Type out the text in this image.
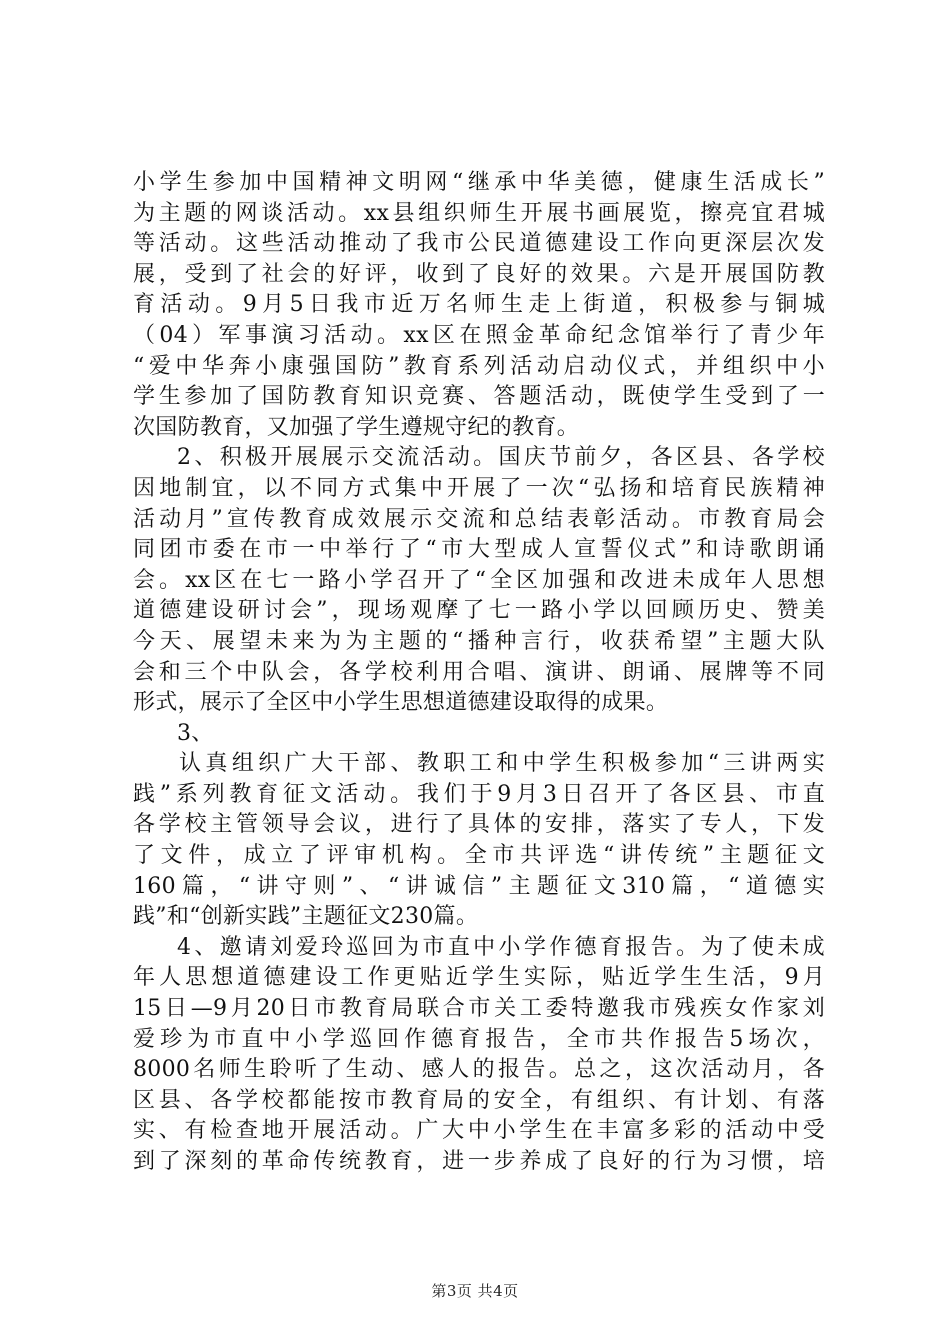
小学生参加中国精神文明网“继承中华美德，健康生活成长”
为主题的网谈活动。xx县组织师生开展书画展览，擦亮宜君城
等活动。这些活动推动了我市公民道德建设工作向更深层次发
展，受到了社会的好评，收到了良好的效果。六是开展国防教
育活动。9月5日我市近万名师生走上街道，积极参与铜城
（04）军事演习活动。xx区在照金革命纪念馆举行了青少年
“爱中华奔小康强国防”教育系列活动启动仪式，并组织中小
学生参加了国防教育知识竞赛、答题活动，既使学生受到了一
次国防教育，又加强了学生遵规守纪的教育。
2、积极开展展示交流活动。国庆节前夕，各区县、各学校
因地制宜，以不同方式集中开展了一次“弘扬和培育民族精神
活动月”宣传教育成效展示交流和总结表彰活动。市教育局会
同团市委在市一中举行了“市大型成人宣誓仪式”和诗歌朗诵
会。xx区在七一路小学召开了“全区加强和改进未成年人思想
道德建设研讨会”，现场观摩了七一路小学以回顾历史、赞美
今天、展望未来为为主题的“播种言行，收获希望”主题大队
会和三个中队会，各学校利用合唱、演讲、朗诵、展牌等不同
形式，展示了全区中小学生思想道德建设取得的成果。
3、
认真组织广大干部、教职工和中学生积极参加“三讲两实
践”系列教育征文活动。我们于9月3日召开了各区县、市直
各学校主管领导会议，进行了具体的安排，落实了专人，下发
了文件，成立了评审机构。全市共评选“讲传统”主题征文
160篇，“讲守则”、“讲诚信”主题征文310篇，“道德实
践”和“创新实践”主题征文230篇。
4、邀请刘爱玲巡回为市直中小学作德育报告。为了使未成
年人思想道德建设工作更贴近学生实际，贴近学生生活，9月
15日—9月20日市教育局联合市关工委特邀我市残疾女作家刘
爱珍为市直中小学巡回作德育报告，全市共作报告5场次，
8000名师生聆听了生动、感人的报告。总之，这次活动月，各
区县、各学校都能按市教育局的安全，有组织、有计划、有落
实、有检查地开展活动。广大中小学生在丰富多彩的活动中受
到了深刻的革命传统教育，进一步养成了良好的行为习惯，培
第3页 共4页
